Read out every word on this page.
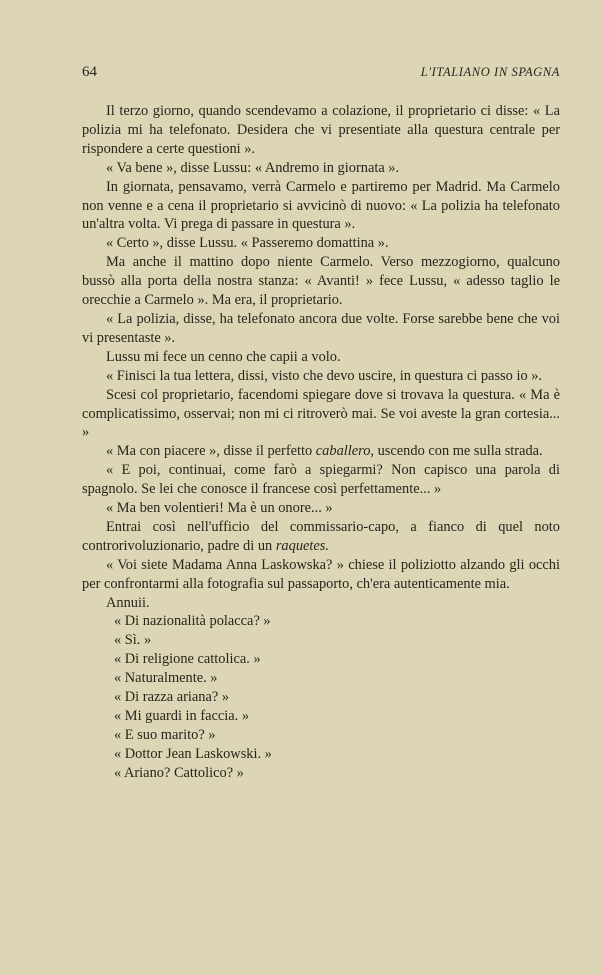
64	L'ITALIANO IN SPAGNA

Il terzo giorno, quando scendevamo a colazione, il proprietario ci disse: « La polizia mi ha telefonato. Desidera che vi presentiate alla questura centrale per rispondere a certe questioni ».

« Va bene », disse Lussu: « Andremo in giornata ».

In giornata, pensavamo, verrà Carmelo e partiremo per Madrid. Ma Carmelo non venne e a cena il proprietario si avvicinò di nuovo: « La polizia ha telefonato un'altra volta. Vi prega di passare in questura ».

« Certo », disse Lussu. « Passeremo domattina ».

Ma anche il mattino dopo niente Carmelo. Verso mezzogiorno, qualcuno bussò alla porta della nostra stanza: « Avanti! » fece Lussu, « adesso taglio le orecchie a Carmelo ». Ma era, il proprietario.

« La polizia, disse, ha telefonato ancora due volte. Forse sarebbe bene che voi vi presentaste ».

Lussu mi fece un cenno che capii a volo.

« Finisci la tua lettera, dissi, visto che devo uscire, in questura ci passo io ».

Scesi col proprietario, facendomi spiegare dove si trovava la questura. « Ma è complicatissimo, osservai; non mi ci ritroverò mai. Se voi aveste la gran cortesia... »

« Ma con piacere », disse il perfetto caballero, uscendo con me sulla strada.

« E poi, continuai, come farò a spiegarmi? Non capisco una parola di spagnolo. Se lei che conosce il francese così perfettamente... »

« Ma ben volentieri! Ma è un onore... »

Entrai così nell'ufficio del commissario-capo, a fianco di quel noto controrivoluzionario, padre di un raquetes.

« Voi siete Madama Anna Laskowska? » chiese il poliziotto alzando gli occhi per confrontarmi alla fotografia sul passaporto, ch'era autenticamente mia.

Annuii.

« Di nazionalità polacca? »

« Sì. »

« Di religione cattolica. »

« Naturalmente. »

« Di razza ariana? »

« Mi guardi in faccia. »

« E suo marito? »

« Dottor Jean Laskowski. »

« Ariano? Cattolico? »
